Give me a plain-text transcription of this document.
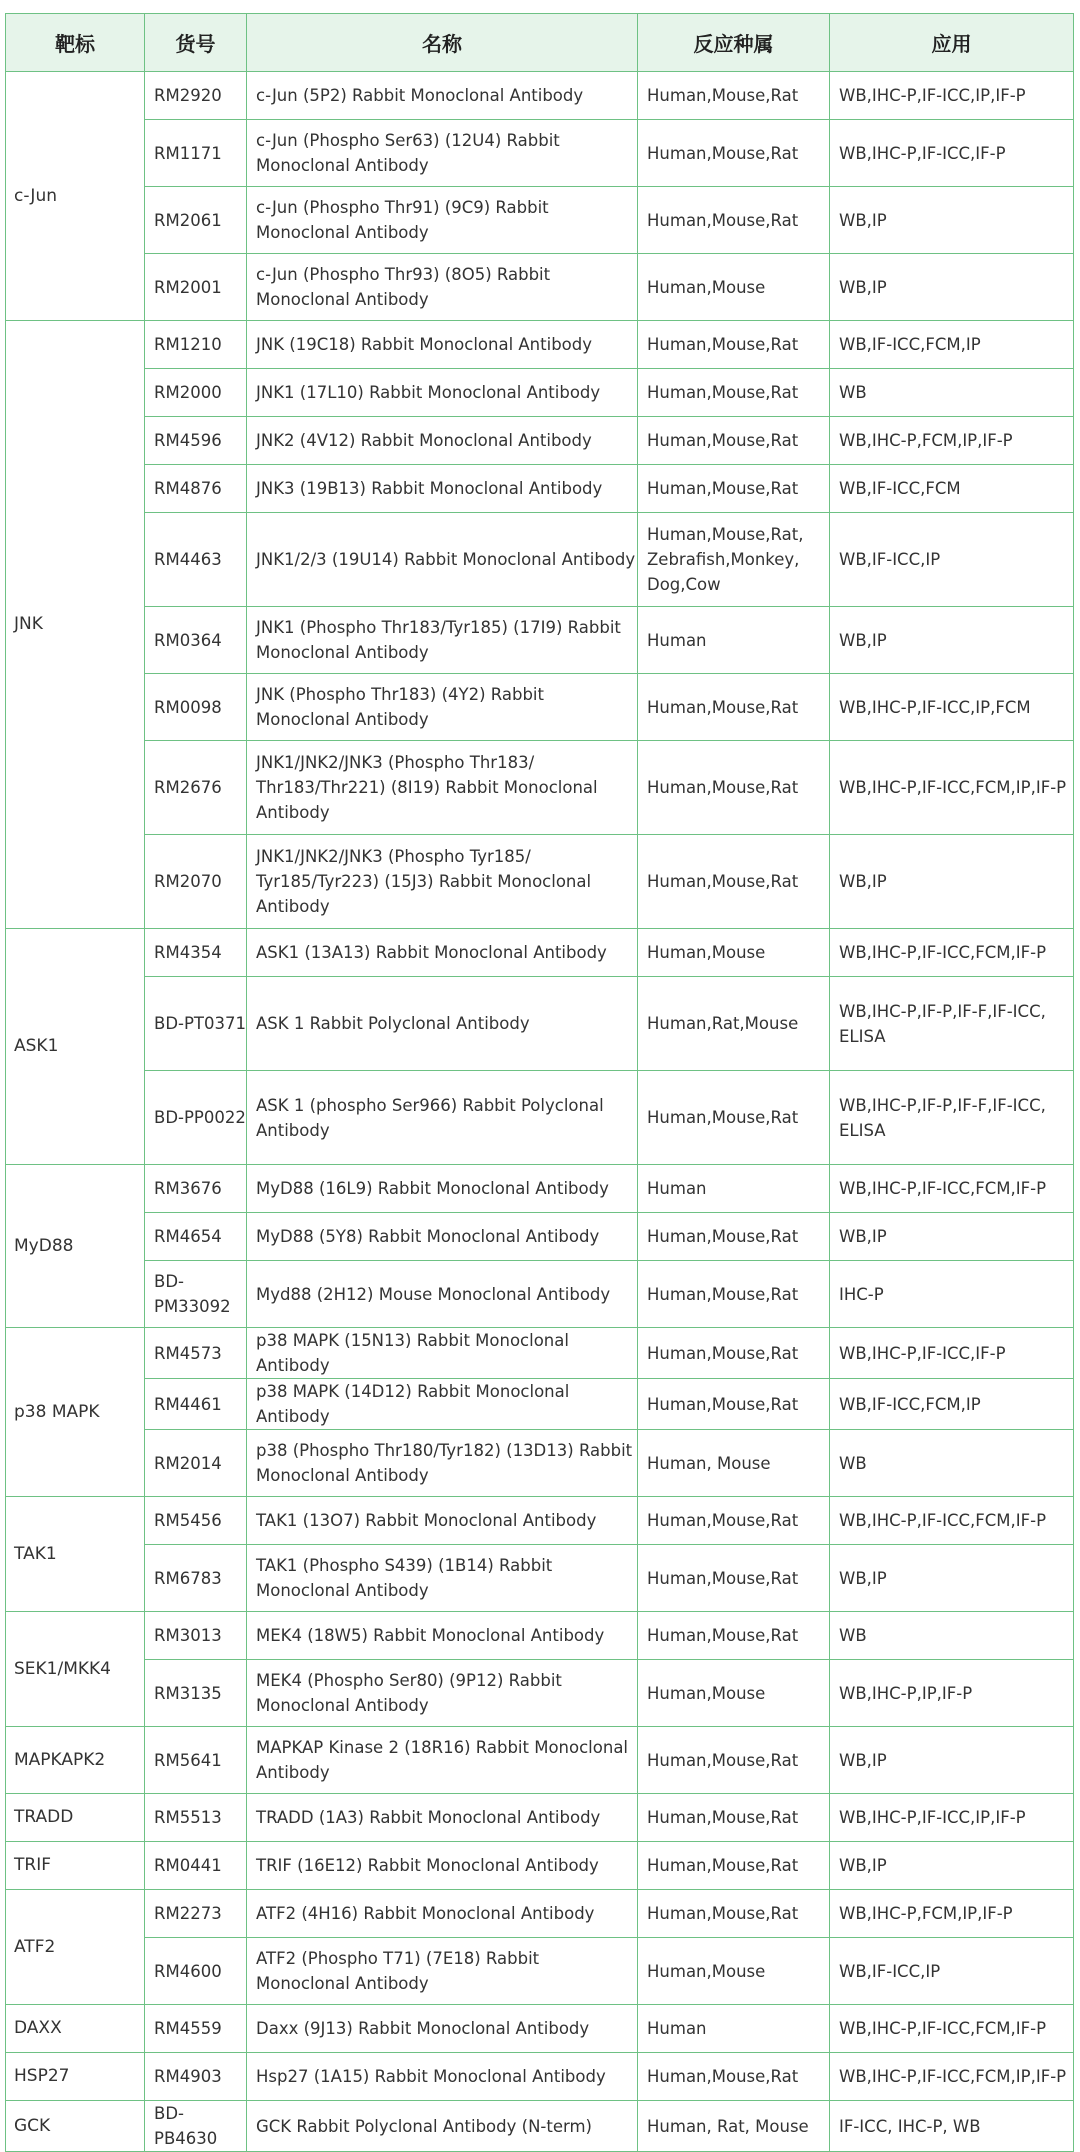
靶标	货号	名称	反应种属	应用
c-Jun	RM2920	c-Jun (5P2) Rabbit Monoclonal Antibody	Human,Mouse,Rat	WB,IHC-P,IF-ICC,IP,IF-P
	RM1171	c-Jun (Phospho Ser63) (12U4) Rabbit Monoclonal Antibody	Human,Mouse,Rat	WB,IHC-P,IF-ICC,IF-P
	RM2061	c-Jun (Phospho Thr91) (9C9) Rabbit Monoclonal Antibody	Human,Mouse,Rat	WB,IP
	RM2001	c-Jun (Phospho Thr93) (8O5) Rabbit Monoclonal Antibody	Human,Mouse	WB,IP
JNK	RM1210	JNK (19C18) Rabbit Monoclonal Antibody	Human,Mouse,Rat	WB,IF-ICC,FCM,IP
	RM2000	JNK1 (17L10) Rabbit Monoclonal Antibody	Human,Mouse,Rat	WB
	RM4596	JNK2 (4V12) Rabbit Monoclonal Antibody	Human,Mouse,Rat	WB,IHC-P,FCM,IP,IF-P
	RM4876	JNK3 (19B13) Rabbit Monoclonal Antibody	Human,Mouse,Rat	WB,IF-ICC,FCM
	RM4463	JNK1/2/3 (19U14) Rabbit Monoclonal Antibody	Human,Mouse,Rat, Zebrafish,Monkey, Dog,Cow	WB,IF-ICC,IP
	RM0364	JNK1 (Phospho Thr183/Tyr185) (17I9) Rabbit Monoclonal Antibody	Human	WB,IP
	RM0098	JNK (Phospho Thr183) (4Y2) Rabbit Monoclonal Antibody	Human,Mouse,Rat	WB,IHC-P,IF-ICC,IP,FCM
	RM2676	JNK1/JNK2/JNK3 (Phospho Thr183/ Thr183/Thr221) (8I19) Rabbit Monoclonal Antibody	Human,Mouse,Rat	WB,IHC-P,IF-ICC,FCM,IP,IF-P
	RM2070	JNK1/JNK2/JNK3 (Phospho Tyr185/ Tyr185/Tyr223) (15J3) Rabbit Monoclonal Antibody	Human,Mouse,Rat	WB,IP
ASK1	RM4354	ASK1 (13A13) Rabbit Monoclonal Antibody	Human,Mouse	WB,IHC-P,IF-ICC,FCM,IF-P
	BD-PT0371	ASK 1 Rabbit Polyclonal Antibody	Human,Rat,Mouse	WB,IHC-P,IF-P,IF-F,IF-ICC, ELISA
	BD-PP0022	ASK 1 (phospho Ser966) Rabbit Polyclonal Antibody	Human,Mouse,Rat	WB,IHC-P,IF-P,IF-F,IF-ICC, ELISA
MyD88	RM3676	MyD88 (16L9) Rabbit Monoclonal Antibody	Human	WB,IHC-P,IF-ICC,FCM,IF-P
	RM4654	MyD88 (5Y8) Rabbit Monoclonal Antibody	Human,Mouse,Rat	WB,IP
	BD- PM33092	Myd88 (2H12) Mouse Monoclonal Antibody	Human,Mouse,Rat	IHC-P
p38 MAPK	RM4573	p38 MAPK (15N13) Rabbit Monoclonal Antibody	Human,Mouse,Rat	WB,IHC-P,IF-ICC,IF-P
	RM4461	p38 MAPK (14D12) Rabbit Monoclonal Antibody	Human,Mouse,Rat	WB,IF-ICC,FCM,IP
	RM2014	p38 (Phospho Thr180/Tyr182) (13D13) Rabbit Monoclonal Antibody	Human, Mouse	WB
TAK1	RM5456	TAK1 (13O7) Rabbit Monoclonal Antibody	Human,Mouse,Rat	WB,IHC-P,IF-ICC,FCM,IF-P
	RM6783	TAK1 (Phospho S439) (1B14) Rabbit Monoclonal Antibody	Human,Mouse,Rat	WB,IP
SEK1/MKK4	RM3013	MEK4 (18W5) Rabbit Monoclonal Antibody	Human,Mouse,Rat	WB
	RM3135	MEK4 (Phospho Ser80) (9P12) Rabbit Monoclonal Antibody	Human,Mouse	WB,IHC-P,IP,IF-P
MAPKAPK2	RM5641	MAPKAP Kinase 2 (18R16) Rabbit Monoclonal Antibody	Human,Mouse,Rat	WB,IP
TRADD	RM5513	TRADD (1A3) Rabbit Monoclonal Antibody	Human,Mouse,Rat	WB,IHC-P,IF-ICC,IP,IF-P
TRIF	RM0441	TRIF (16E12) Rabbit Monoclonal Antibody	Human,Mouse,Rat	WB,IP
ATF2	RM2273	ATF2 (4H16) Rabbit Monoclonal Antibody	Human,Mouse,Rat	WB,IHC-P,FCM,IP,IF-P
	RM4600	ATF2 (Phospho T71) (7E18) Rabbit Monoclonal Antibody	Human,Mouse	WB,IF-ICC,IP
DAXX	RM4559	Daxx (9J13) Rabbit Monoclonal Antibody	Human	WB,IHC-P,IF-ICC,FCM,IF-P
HSP27	RM4903	Hsp27 (1A15) Rabbit Monoclonal Antibody	Human,Mouse,Rat	WB,IHC-P,IF-ICC,FCM,IP,IF-P
GCK	BD-PB4630	GCK Rabbit Polyclonal Antibody (N-term)	Human, Rat, Mouse	IF-ICC, IHC-P, WB
